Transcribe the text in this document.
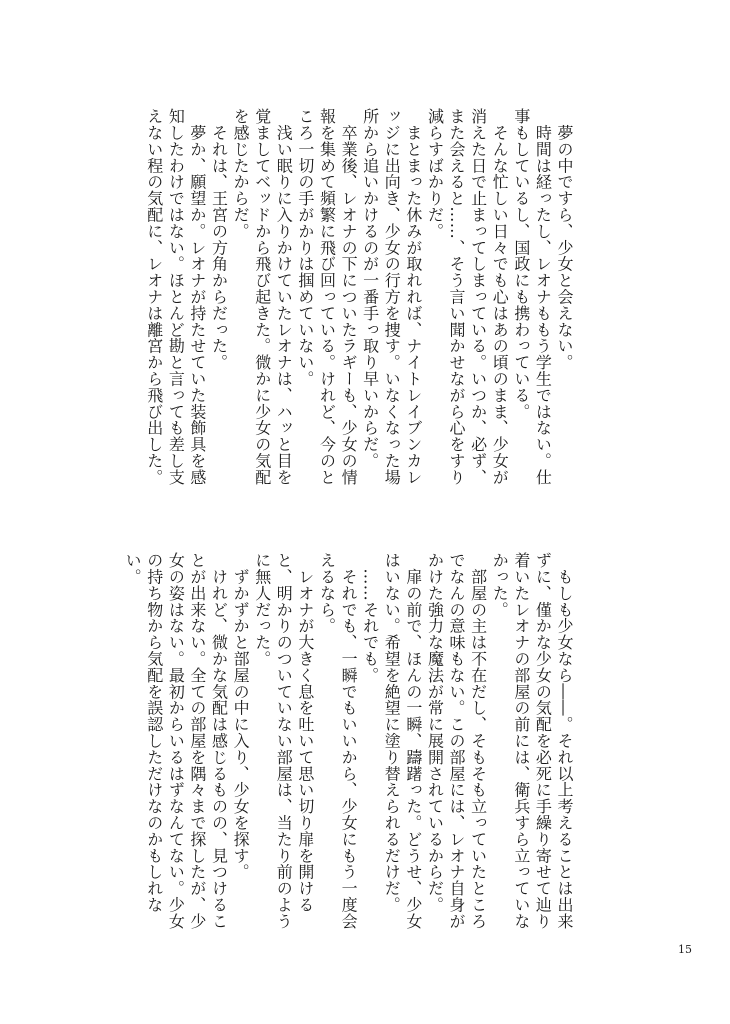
　夢の中ですら、少女と会えない。

　時間は経ったし、レオナももう学生ではない。仕
事もしているし、国政にも携わっている。

　そんな忙しい日々でも心はあの頃のまま、少女が
消えた日で止まってしまっている。いつか、必ず、
また会えると……、そう言い聞かせながら心をすり
減らすばかりだ。

　まとまった休みが取れれば、ナイトレイブンカレ
ッジに出向き、少女の行方を捜す。いなくなった場
所から追いかけるのが一番手っ取り早いからだ。

　卒業後、レオナの下についたラギーも、少女の情
報を集めて頻繁に飛び回っている。けれど、今のと
ころ一切の手がかりは掴めていない。

　浅い眠りに入りかけていたレオナは、ハッと目を
覚ましてベッドから飛び起きた。微かに少女の気配
を感じたからだ。

　それは、王宮の方角からだった。

　夢か、願望か。レオナが持たせていた装飾具を感
知したわけではない。ほとんど勘と言っても差し支
えない程の気配に、レオナは離宮から飛び出した。

　もしも少女なら――。それ以上考えることは出来
ずに、僅かな少女の気配を必死に手繰り寄せて辿り
着いたレオナの部屋の前には、衛兵すら立っていな
かった。

　部屋の主は不在だし、そもそも立っていたところ
でなんの意味もない。この部屋には、レオナ自身が
かけた強力な魔法が常に展開されているからだ。

　扉の前で、ほんの一瞬、躊躇った。どうせ、少女
はいない。希望を絶望に塗り替えられるだけだ。

　……それでも。

　それでも、一瞬でもいいから、少女にもう一度会
えるなら。

　レオナが大きく息を吐いて思い切り扉を開ける
と、明かりのついていない部屋は、当たり前のよう
に無人だった。

　ずかずかと部屋の中に入り、少女を探す。

　けれど、微かな気配は感じるものの、見つけるこ
とが出来ない。全ての部屋を隅々まで探したが、少
女の姿はない。最初からいるはずなんてない。少女
の持ち物から気配を誤認しただけなのかもしれない。

15
